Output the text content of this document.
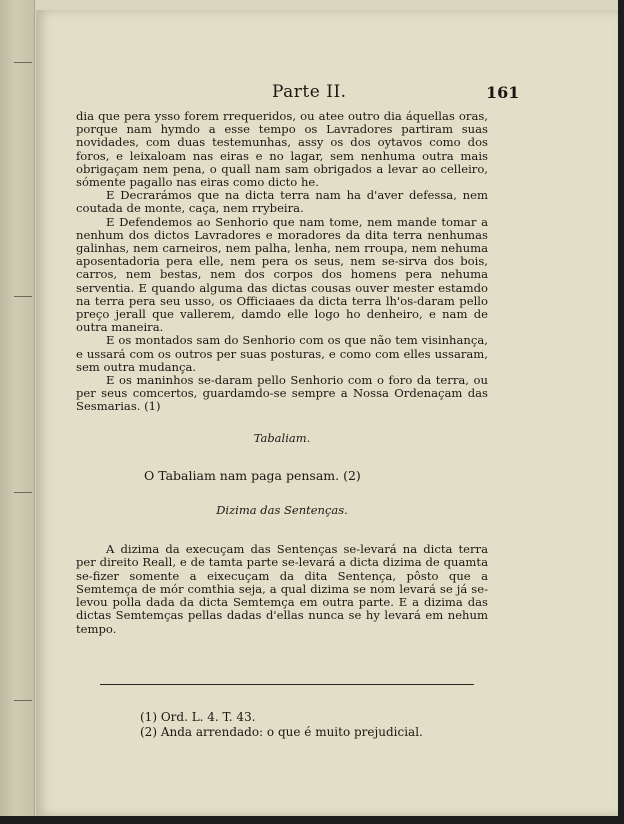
Parte II.	161

dia que pera ysso forem rrequeridos, ou atee outro dia áquellas oras, porque nam hymdo a esse tempo os Lavradores partiram suas novidades, com duas testemunhas, assy os dos oytavos como dos foros, e leixaloam nas eiras e no lagar, sem nenhuma outra mais obrigaçam nem pena, o quall nam sam obrigados a levar ao celleiro, sómente pagallo nas eiras como dicto he.

E Decrarámos que na dicta terra nam ha d'aver defessa, nem coutada de monte, caça, nem rrybeira.

E Defendemos ao Senhorio que nam tome, nem mande tomar a nenhum dos dictos Lavradores e moradores da dita terra nenhumas galinhas, nem carneiros, nem palha, lenha, nem rroupa, nem nehuma aposentadoria pera elle, nem pera os seus, nem se-sirva dos bois, carros, nem bestas, nem dos corpos dos homens pera nehuma serventia. E quando alguma das dictas cousas ouver mester estamdo na terra pera seu usso, os Officiaaes da dicta terra lh'os-daram pello preço jerall que vallerem, damdo elle logo ho denheiro, e nam de outra maneira.

E os montados sam do Senhorio com os que não tem visinhança, e ussará com os outros per suas posturas, e como com elles ussaram, sem outra mudança.

E os maninhos se-daram pello Senhorio com o foro da terra, ou per seus comcertos, guardamdo-se sempre a Nossa Ordenaçam das Sesmarias. (1)

Tabaliam.

O Tabaliam nam paga pensam. (2)

Dizima das Sentenças.

A dizima da execuçam das Sentenças se-levará na dicta terra per direito Reall, e de tamta parte se-levará a dicta dizima de quamta se-fizer somente a eixecuçam da dita Sentença, pôsto que a Semtemça de mór comthia seja, a qual dizima se nom levará se já se-levou polla dada da dicta Semtemça em outra parte. E a dizima das dictas Semtemças pellas dadas d'ellas nunca se hy levará em nehum tempo.

(1) Ord. L. 4. T. 43.

(2) Anda arrendado: o que é muito prejudicial.
